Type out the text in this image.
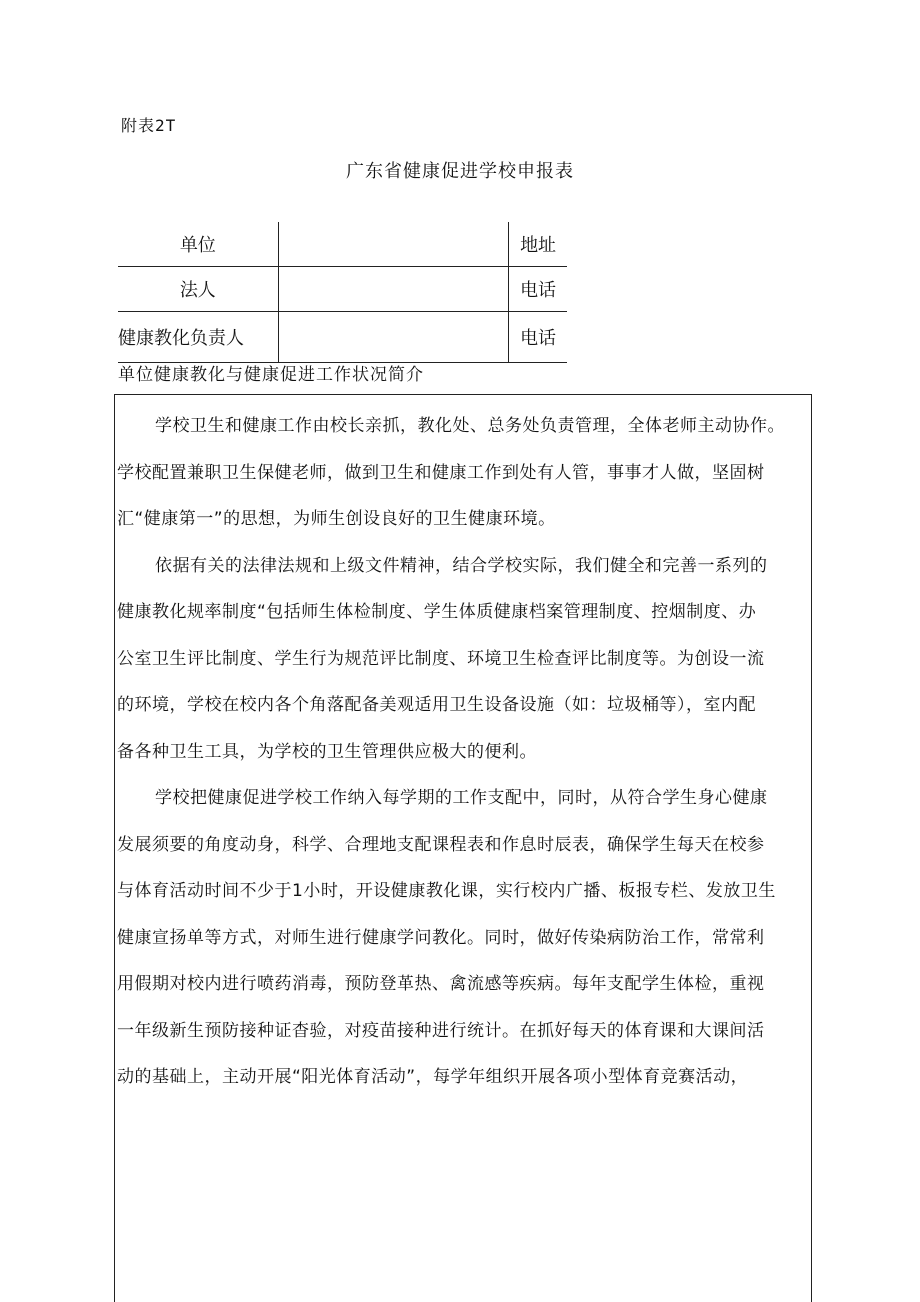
附表2T
广东省健康促进学校申报表
单位	地址
法人	电话
健康教化负责人	电话
单位健康教化与健康促进工作状况简介

学校卫生和健康工作由校长亲抓，教化处、总务处负责管理，全体老师主动协作。
学校配置兼职卫生保健老师，做到卫生和健康工作到处有人管，事事才人做，坚固树
汇“健康第一”的思想，为师生创设良好的卫生健康环境。

依据有关的法律法规和上级文件精神，结合学校实际，我们健全和完善一系列的
健康教化规率制度“包括师生体检制度、学生体质健康档案管理制度、控烟制度、办
公室卫生评比制度、学生行为规范评比制度、环境卫生检查评比制度等。为创设一流
的环境，学校在校内各个角落配备美观适用卫生设备设施（如：垃圾桶等），室内配
备各种卫生工具，为学校的卫生管理供应极大的便利。

学校把健康促进学校工作纳入每学期的工作支配中，同时，从符合学生身心健康
发展须要的角度动身，科学、合理地支配课程表和作息时辰表，确保学生每天在校参
与体育活动时间不少于1小时，开设健康教化课，实行校内广播、板报专栏、发放卫生
健康宣扬单等方式，对师生进行健康学问教化。同时，做好传染病防治工作，常常利
用假期对校内进行喷药消毒，预防登革热、禽流感等疾病。每年支配学生体检，重视
一年级新生预防接种证杳验，对疫苗接种进行统计。在抓好每天的体育课和大课间活
动的基础上，主动开展“阳光体育活动”，每学年组织开展各项小型体育竞赛活动，
